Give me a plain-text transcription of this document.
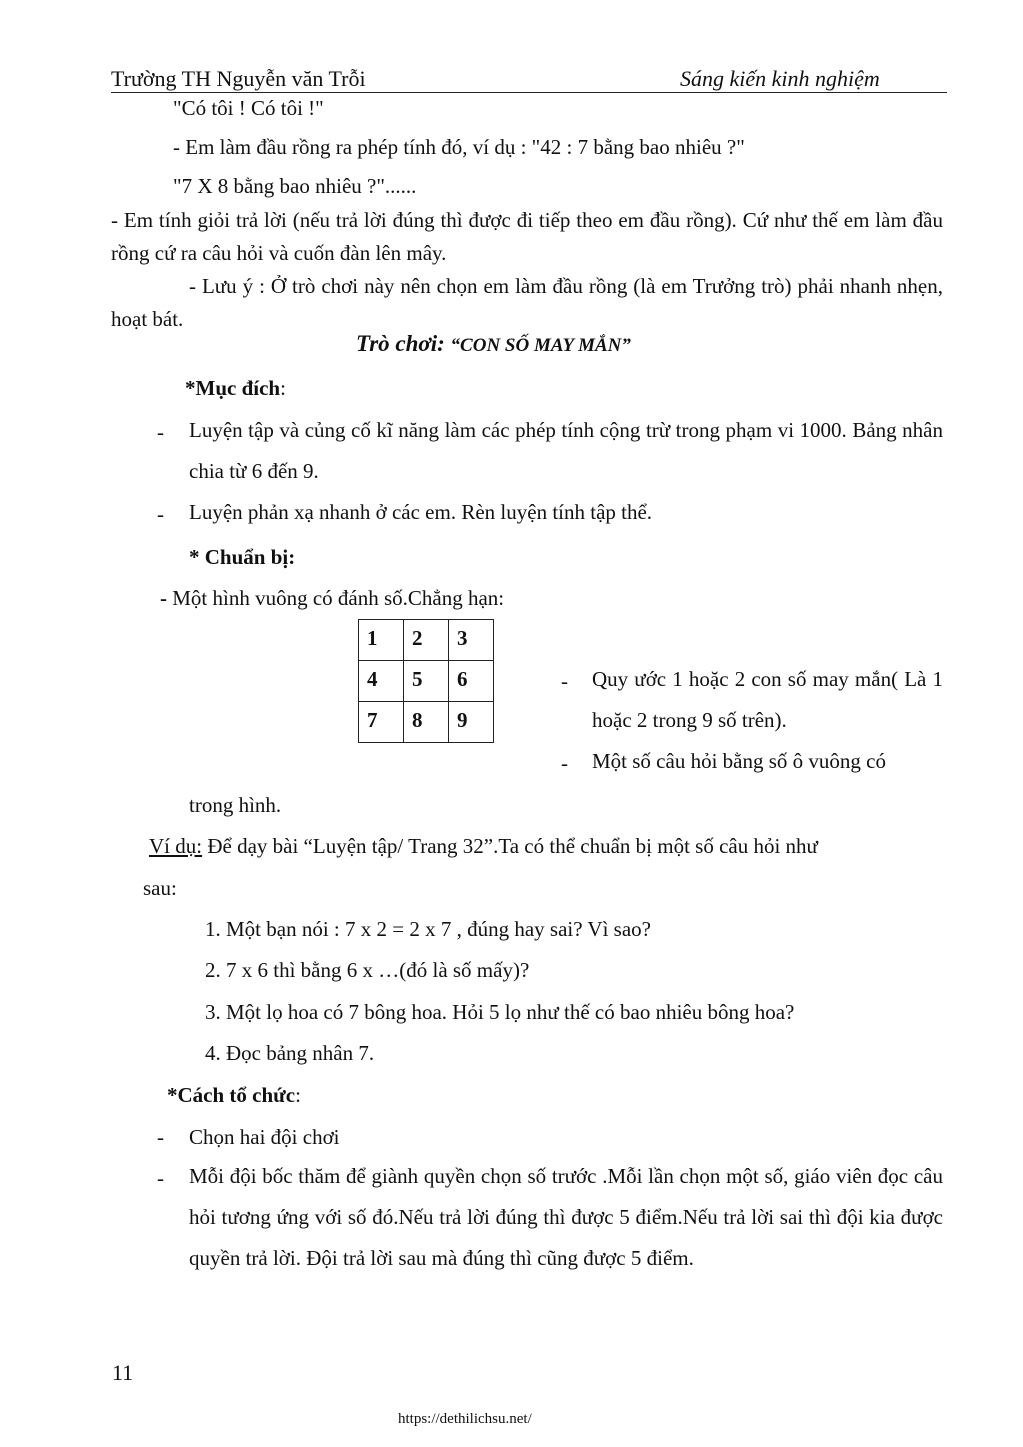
Trường TH Nguyễn văn Trỗi	Sáng kiến kinh nghiệm
"Có tôi ! Có tôi !"
- Em làm đầu rồng ra phép tính đó, ví dụ : "42 : 7 bằng bao nhiêu ?"
"7 X 8 bằng bao nhiêu ?"......
- Em tính giỏi trả lời (nếu trả lời đúng thì được đi tiếp theo em đầu rồng). Cứ như thế em làm đầu rồng cứ ra câu hỏi và cuốn đàn lên mây.
- Lưu ý : Ở trò chơi này nên chọn em làm đầu rồng (là em Trưởng trò) phải nhanh nhẹn, hoạt bát.
Trò chơi: “CON SỐ MAY MẮN”
*Mục đích:
- Luyện tập và củng cố kĩ năng làm các phép tính cộng trừ trong phạm vi 1000. Bảng nhân chia từ 6 đến 9.
- Luyện phản xạ nhanh ở các em. Rèn luyện tính tập thể.
* Chuẩn bị:
- Một hình vuông có đánh số.Chẳng hạn:
1	2	3
4	5	6
7	8	9
- Quy ước 1 hoặc 2 con số may mắn( Là 1 hoặc 2 trong 9 số trên).
- Một số câu hỏi bằng số ô vuông có
trong hình.
Ví dụ: Để dạy bài “Luyện tập/ Trang 32”.Ta có thể chuẩn bị một số câu hỏi như
sau:
1. Một bạn nói : 7 x 2 = 2 x 7 , đúng hay sai? Vì sao?
2. 7 x 6 thì bằng 6 x …(đó là số mấy)?
3. Một lọ hoa có 7 bông hoa. Hỏi 5 lọ như thế có bao nhiêu bông hoa?
4. Đọc bảng nhân 7.
*Cách tổ chức:
- Chọn hai đội chơi
- Mỗi đội bốc thăm để giành quyền chọn số trước .Mỗi lần chọn một số, giáo viên đọc câu hỏi tương ứng với số đó.Nếu trả lời đúng thì được 5 điểm.Nếu trả lời sai thì đội kia được quyền trả lời. Đội trả lời sau mà đúng thì cũng được 5 điểm.
11
https://dethilichsu.net/
